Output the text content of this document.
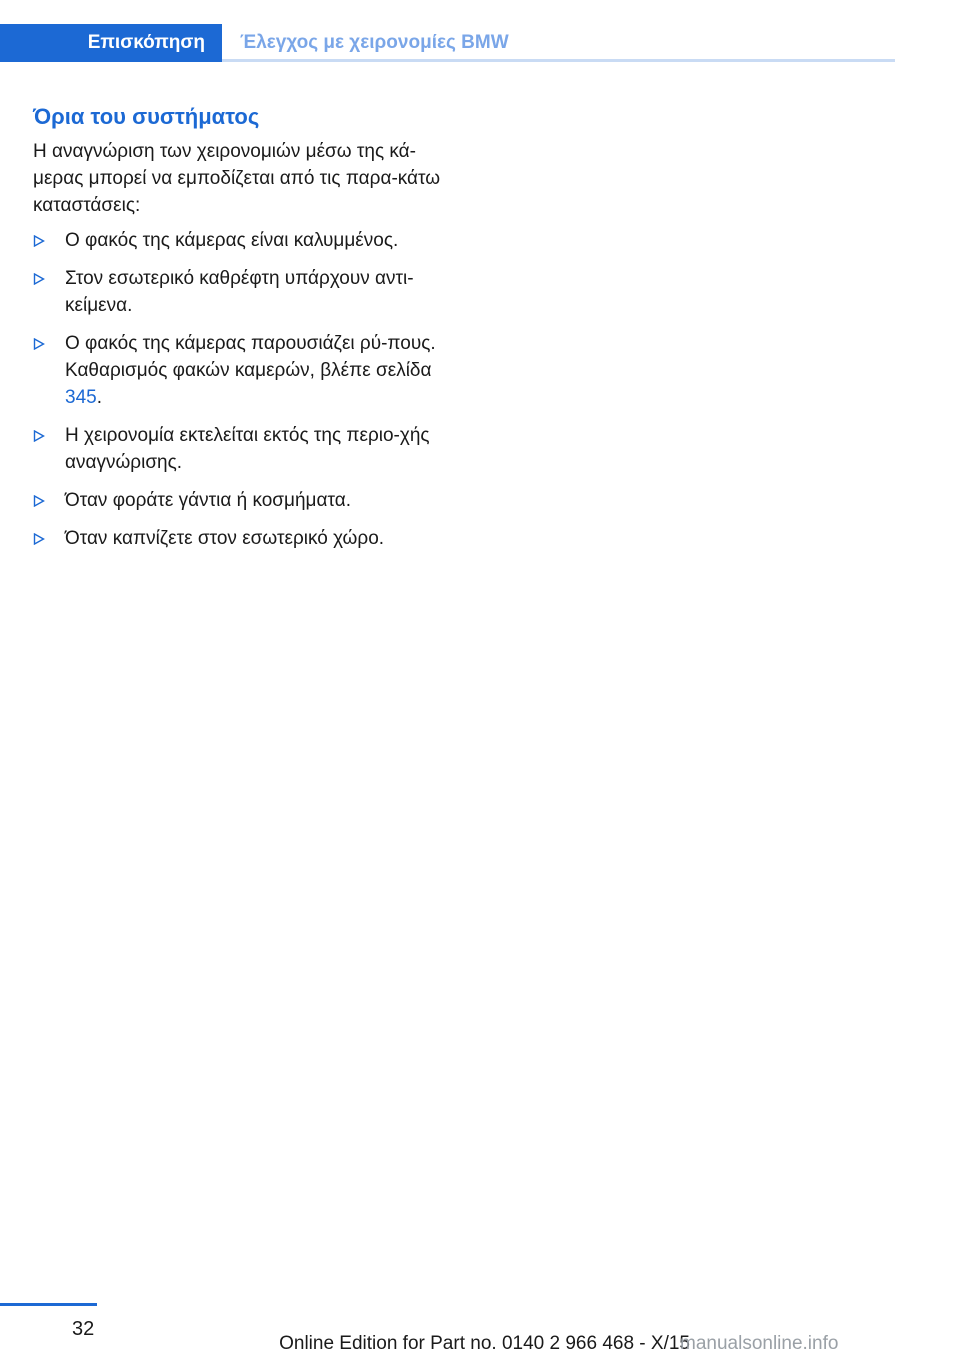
Επισκόπηση Έλεγχος με χειρονομίες BMW
Όρια του συστήματος

Η αναγνώριση των χειρονομιών μέσω της κά-μερας μπορεί να εμποδίζεται από τις παρα-κάτω καταστάσεις:

Ο φακός της κάμερας είναι καλυμμένος.
Στον εσωτερικό καθρέφτη υπάρχουν αντι-κείμενα.
Ο φακός της κάμερας παρουσιάζει ρύ-πους. Καθαρισμός φακών καμερών, βλέπε σελίδα 345.
Η χειρονομία εκτελείται εκτός της περιο-χής αναγνώρισης.
Όταν φοράτε γάντια ή κοσμήματα.
Όταν καπνίζετε στον εσωτερικό χώρο.
32
Online Edition for Part no. 0140 2 966 468 - X/15
manualsonline.info
